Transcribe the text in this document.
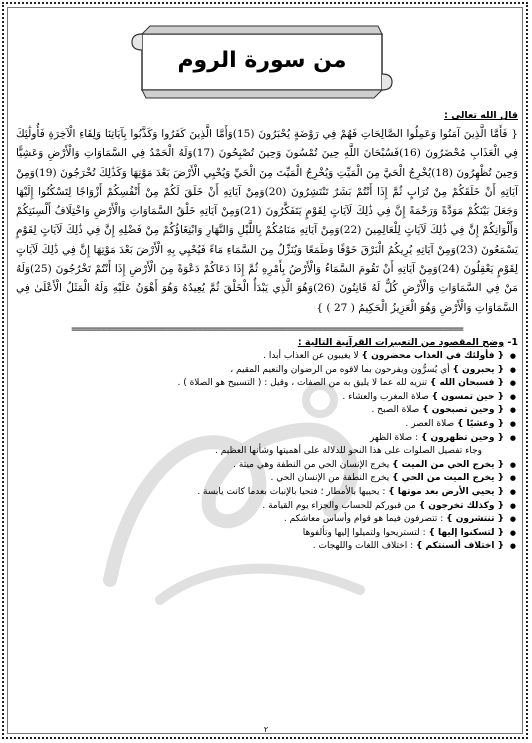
من سورة الروم

قال الله تعالى :

{ فَأَمَّا الَّذِينَ آمَنُوا وَعَمِلُوا الصَّالِحَاتِ فَهُمْ فِي رَوْضَةٍ يُحْبَرُونَ (15)وَأَمَّا الَّذِينَ كَفَرُوا وَكَذَّبُوا بِآيَاتِنَا وَلِقَاءِ الْآخِرَةِ فَأُولَٰئِكَ فِي الْعَذَابِ مُحْضَرُونَ (16)فَسُبْحَانَ اللَّهِ حِينَ تُمْسُونَ وَحِينَ تُصْبِحُونَ (17)وَلَهُ الْحَمْدُ فِي السَّمَاوَاتِ وَالْأَرْضِ وَعَشِيًّا وَحِينَ تُظْهِرُونَ (18)يُخْرِجُ الْحَيَّ مِنَ الْمَيِّتِ وَيُخْرِجُ الْمَيِّتَ مِنَ الْحَيِّ وَيُحْيِي الْأَرْضَ بَعْدَ مَوْتِهَا وَكَذَٰلِكَ تُخْرَجُونَ (19)وَمِنْ آيَاتِهِ أَنْ خَلَقَكُمْ مِنْ تُرَابٍ ثُمَّ إِذَا أَنْتُمْ بَشَرٌ تَنْتَشِرُونَ (20)وَمِنْ آيَاتِهِ أَنْ خَلَقَ لَكُمْ مِنْ أَنْفُسِكُمْ أَزْوَاجًا لِتَسْكُنُوا إِلَيْهَا وَجَعَلَ بَيْنَكُمْ مَوَدَّةً وَرَحْمَةً إِنَّ فِي ذَٰلِكَ لَآيَاتٍ لِقَوْمٍ يَتَفَكَّرُونَ (21)وَمِنْ آيَاتِهِ خَلْقُ السَّمَاوَاتِ وَالْأَرْضِ وَاخْتِلَافُ أَلْسِنَتِكُمْ وَأَلْوَانِكُمْ إِنَّ فِي ذَٰلِكَ لَآيَاتٍ لِلْعَالِمِينَ (22)وَمِنْ آيَاتِهِ مَنَامُكُمْ بِاللَّيْلِ وَالنَّهَارِ وَابْتِغَاؤُكُمْ مِنْ فَضْلِهِ إِنَّ فِي ذَٰلِكَ لَآيَاتٍ لِقَوْمٍ يَسْمَعُونَ (23)وَمِنْ آيَاتِهِ يُرِيكُمُ الْبَرْقَ خَوْفًا وَطَمَعًا وَيُنَزِّلُ مِنَ السَّمَاءِ مَاءً فَيُحْيِي بِهِ الْأَرْضَ بَعْدَ مَوْتِهَا إِنَّ فِي ذَٰلِكَ لَآيَاتٍ لِقَوْمٍ يَعْقِلُونَ (24)وَمِنْ آيَاتِهِ أَنْ تَقُومَ السَّمَاءُ وَالْأَرْضُ بِأَمْرِهِ ثُمَّ إِذَا دَعَاكُمْ دَعْوَةً مِنَ الْأَرْضِ إِذَا أَنْتُمْ تَخْرُجُونَ (25)وَلَهُ مَنْ فِي السَّمَاوَاتِ وَالْأَرْضِ كُلٌّ لَهُ قَانِتُونَ (26)وَهُوَ الَّذِي يَبْدَأُ الْخَلْقَ ثُمَّ يُعِيدُهُ وَهُوَ أَهْوَنُ عَلَيْهِ وَلَهُ الْمَثَلُ الْأَعْلَىٰ فِي السَّمَاوَاتِ وَالْأَرْضِ وَهُوَ الْعَزِيزُ الْحَكِيمُ ( 27 ) }

==============================================================================
1- وضح المقصود من التعبيرات القرآنية التالية :
● { فأولئك في العذاب محضرون } لا يغيبون عن العذاب أبدا .
● { يحبرون } أي يُسرُّون ويفرحون بما لاقوه من الرضوان والنعيم المقيم ،
● { فسبحان الله } تنزيه لله عما لا يليق به من الصفات ، وقيل : ( التسبيح هو الصلاة ) .
● { حين تمسون } صلاة المغرب والعشاء .
● { وحين تصبحون } صلاة الصبح .
● { وعشيًا } صلاة العصر .
● { وحين تظهرون } : صلاة الظهر
وجاء تفصيل الصلوات على هذا النحو للدلالة على أهميتها وشأنها العظيم .
● { يخرج الحي من الميت } يخرج الإنسان الحي من النطفة وهي ميتة .
● { يخرج الميت من الحي } يخرج النطفة من الإنسان الحي .
● { يحيي الأرض بعد موتها } : يحييها بالأمطار ؛ فتحيا بالإنبات بعدما كانت يابسة .
● { وكذلك تخرجون } من قبوركم للحساب والجزاء يوم القيامة .
● { تنتشرون } : تتصرفون فيما هو قوام وأساس معاشكم .
● { لتسكنوا إليها } : لتستريحوا ولتميلوا إليها وتألفوها
● { اختلاف ألسنتكم } : اختلاف اللغات واللهجات .
٢
